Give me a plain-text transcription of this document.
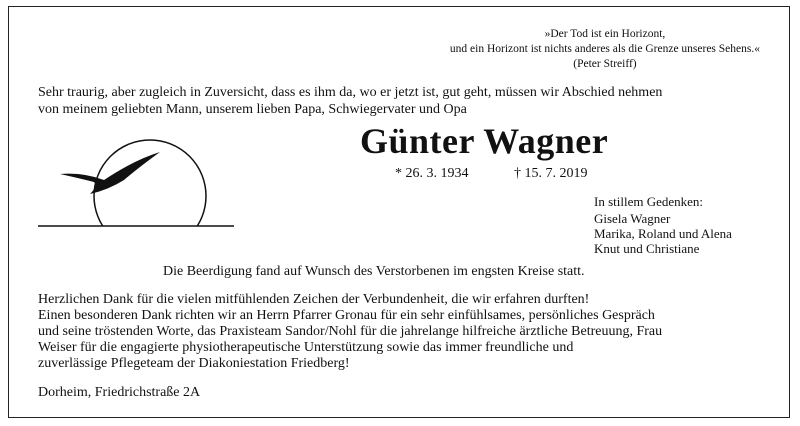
»Der Tod ist ein Horizont,
und ein Horizont ist nichts anderes als die Grenze unseres Sehens.«
(Peter Streiff)
Sehr traurig, aber zugleich in Zuversicht, dass es ihm da, wo er jetzt ist, gut geht, müssen wir Abschied nehmen
von meinem geliebten Mann, unserem lieben Papa, Schwiegervater und Opa
Günter Wagner
* 26. 3. 1934	† 15. 7. 2019
In stillem Gedenken:
Gisela Wagner
Marika, Roland und Alena
Knut und Christiane
Die Beerdigung fand auf Wunsch des Verstorbenen im engsten Kreise statt.
Herzlichen Dank für die vielen mitfühlenden Zeichen der Verbundenheit, die wir erfahren durften!
Einen besonderen Dank richten wir an Herrn Pfarrer Gronau für ein sehr einfühlsames, persönliches Gespräch
und seine tröstenden Worte, das Praxisteam Sandor/Nohl für die jahrelange hilfreiche ärztliche Betreuung, Frau
Weiser für die engagierte physiotherapeutische Unterstützung sowie das immer freundliche und
zuverlässige Pflegeteam der Diakoniestation Friedberg!
Dorheim, Friedrichstraße 2A
